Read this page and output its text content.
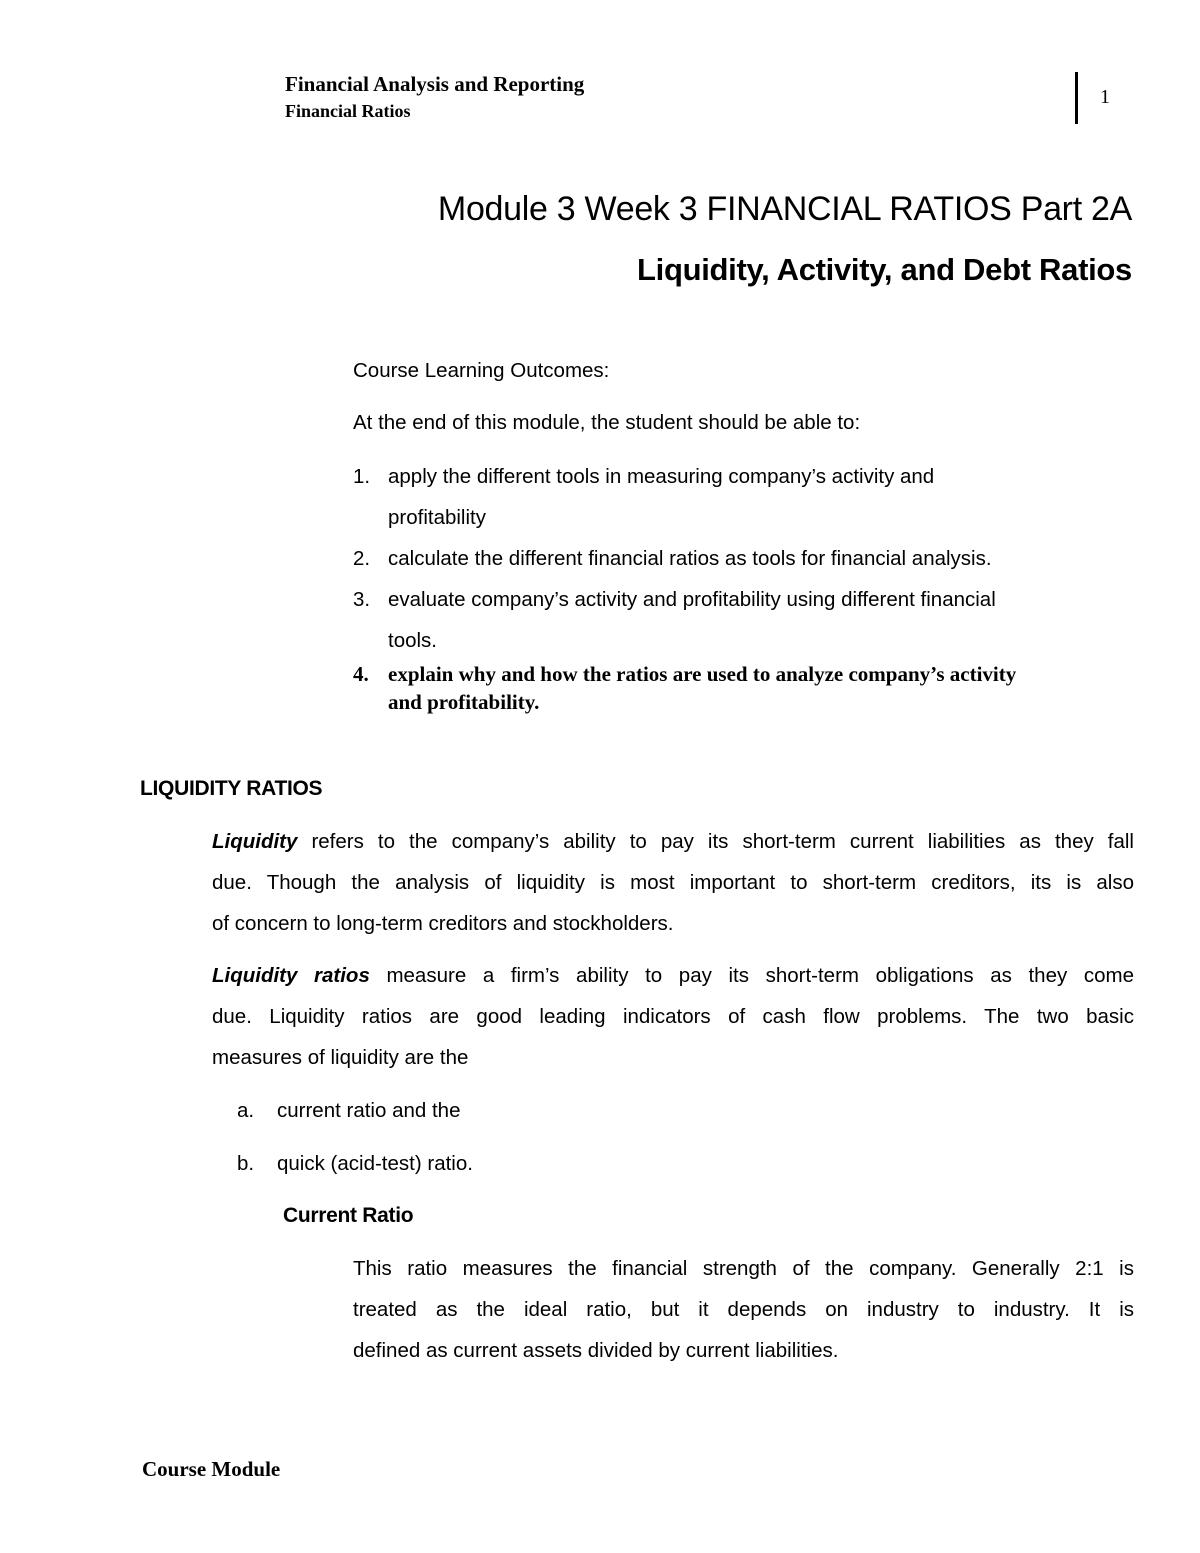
Financial Analysis and Reporting
Financial Ratios
1
Module 3 Week 3 FINANCIAL RATIOS Part 2A
Liquidity, Activity, and Debt Ratios
Course Learning Outcomes:
At the end of this module, the student should be able to:
1. apply the different tools in measuring company’s activity and
profitability
2. calculate the different financial ratios as tools for financial analysis.
3. evaluate company’s activity and profitability using different financial
tools.
4. explain why and how the ratios are used to analyze company’s activity
and profitability.
LIQUIDITY RATIOS
Liquidity refers to the company’s ability to pay its short-term current liabilities as they fall
due. Though the analysis of liquidity is most important to short-term creditors, its is also
of concern to long-term creditors and stockholders.
Liquidity ratios measure a firm’s ability to pay its short-term obligations as they come
due. Liquidity ratios are good leading indicators of cash flow problems. The two basic
measures of liquidity are the
a. current ratio and the
b. quick (acid-test) ratio.
Current Ratio
This ratio measures the financial strength of the company. Generally 2:1 is
treated as the ideal ratio, but it depends on industry to industry. It is
defined as current assets divided by current liabilities.
Course Module
